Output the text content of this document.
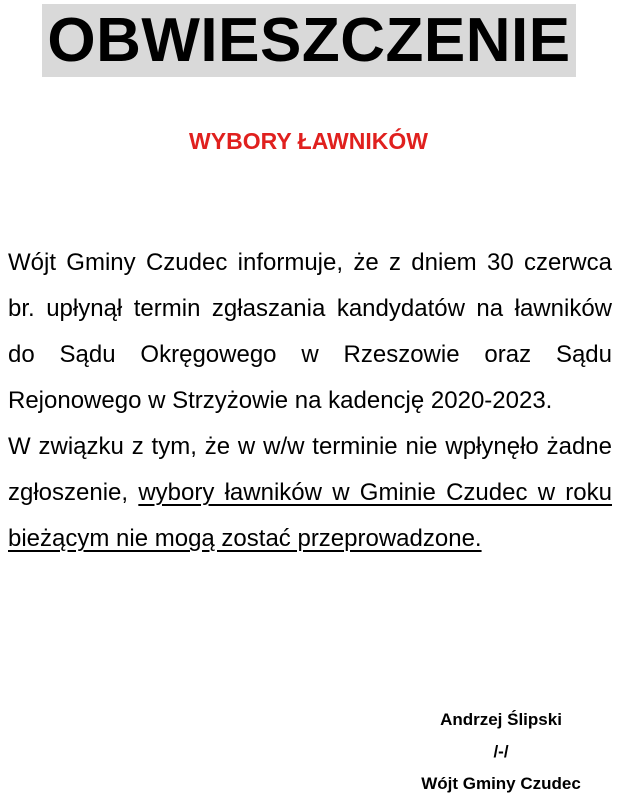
OBWIESZCZENIE
WYBORY ŁAWNIKÓW

Wójt Gminy Czudec informuje, że z dniem 30 czerwca br. upłynął termin zgłaszania kandydatów na ławników do Sądu Okręgowego w Rzeszowie oraz Sądu Rejonowego w Strzyżowie na kadencję 2020-2023.

W związku z tym, że w w/w terminie nie wpłynęło żadne zgłoszenie, wybory ławników w Gminie Czudec w roku bieżącym nie mogą zostać przeprowadzone.

Andrzej Ślipski
/-/
Wójt Gminy Czudec
